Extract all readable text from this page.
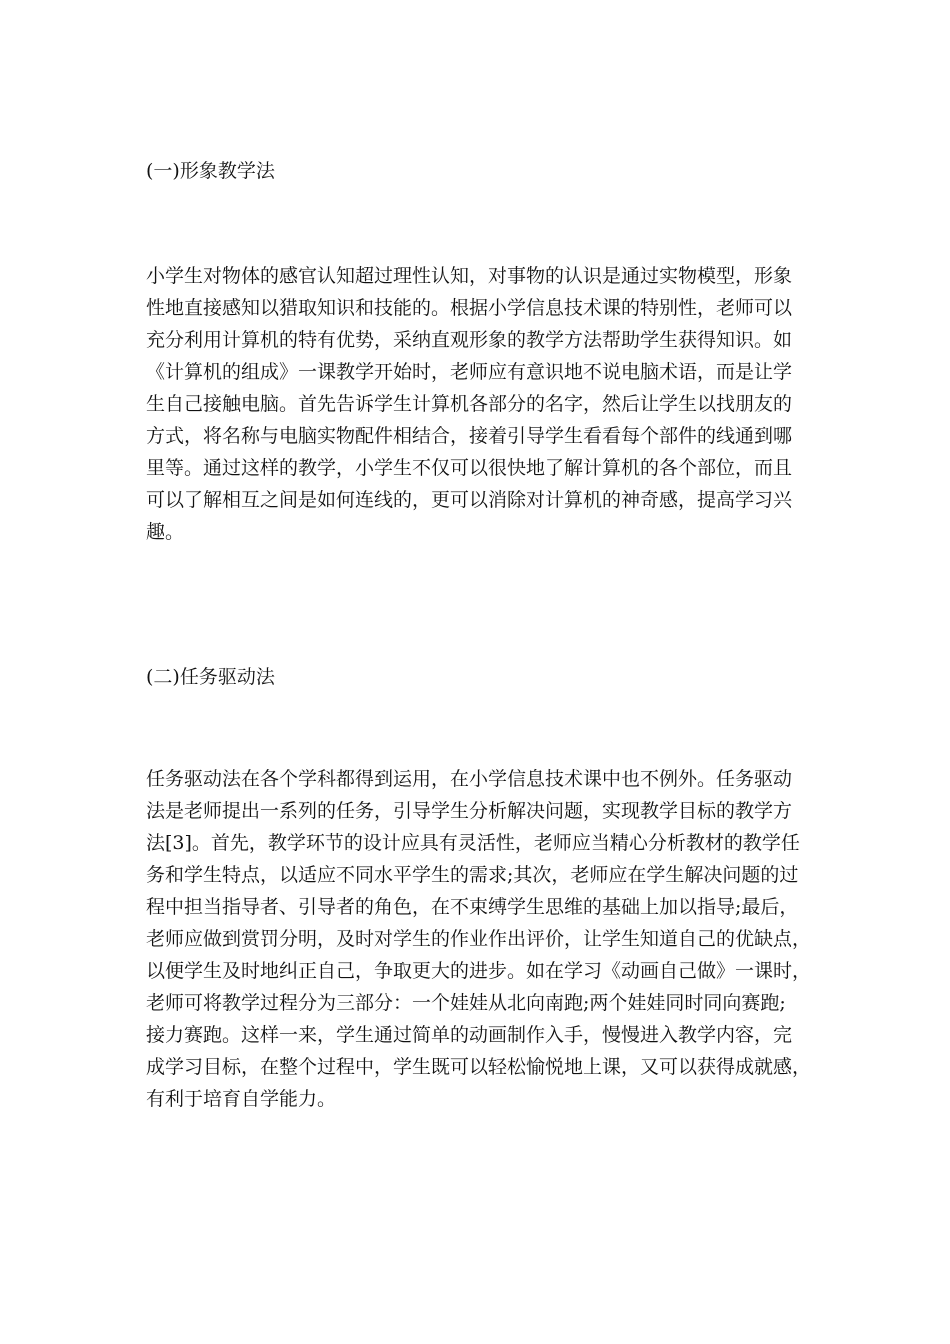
(一)形象教学法
小学生对物体的感官认知超过理性认知，对事物的认识是通过实物模型，形象
性地直接感知以猎取知识和技能的。根据小学信息技术课的特别性，老师可以
充分利用计算机的特有优势，采纳直观形象的教学方法帮助学生获得知识。如
《计算机的组成》一课教学开始时，老师应有意识地不说电脑术语，而是让学
生自己接触电脑。首先告诉学生计算机各部分的名字，然后让学生以找朋友的
方式，将名称与电脑实物配件相结合，接着引导学生看看每个部件的线通到哪
里等。通过这样的教学，小学生不仅可以很快地了解计算机的各个部位，而且
可以了解相互之间是如何连线的，更可以消除对计算机的神奇感，提高学习兴
趣。
(二)任务驱动法
任务驱动法在各个学科都得到运用，在小学信息技术课中也不例外。任务驱动
法是老师提出一系列的任务，引导学生分析解决问题，实现教学目标的教学方
法[3]。首先，教学环节的设计应具有灵活性，老师应当精心分析教材的教学任
务和学生特点，以适应不同水平学生的需求;其次，老师应在学生解决问题的过
程中担当指导者、引导者的角色，在不束缚学生思维的基础上加以指导;最后，
老师应做到赏罚分明，及时对学生的作业作出评价，让学生知道自己的优缺点，
以便学生及时地纠正自己，争取更大的进步。如在学习《动画自己做》一课时，
老师可将教学过程分为三部分：一个娃娃从北向南跑;两个娃娃同时同向赛跑;
接力赛跑。这样一来，学生通过简单的动画制作入手，慢慢进入教学内容，完
成学习目标，在整个过程中，学生既可以轻松愉悦地上课，又可以获得成就感，
有利于培育自学能力。
